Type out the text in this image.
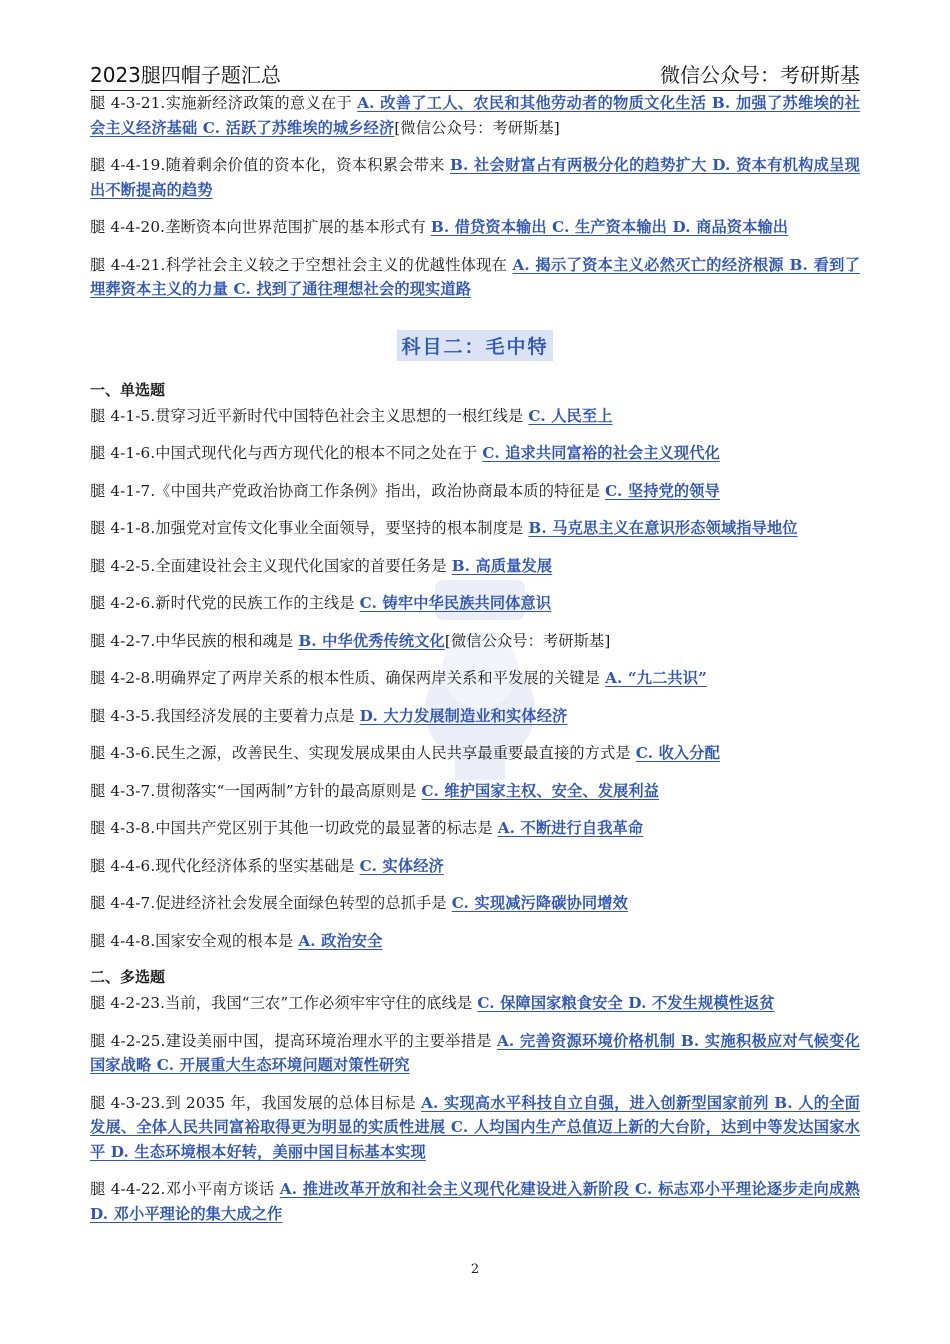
2023腿四帽子题汇总	微信公众号：考研斯基
腿 4-3-21.实施新经济政策的意义在于 A. 改善了工人、农民和其他劳动者的物质文化生活 B. 加强了苏维埃的社会主义经济基础 C. 活跃了苏维埃的城乡经济[微信公众号：考研斯基]
腿 4-4-19.随着剩余价值的资本化，资本积累会带来 B. 社会财富占有两极分化的趋势扩大 D. 资本有机构成呈现出不断提高的趋势
腿 4-4-20.垄断资本向世界范围扩展的基本形式有 B. 借贷资本输出 C. 生产资本输出 D. 商品资本输出
腿 4-4-21.科学社会主义较之于空想社会主义的优越性体现在 A. 揭示了资本主义必然灭亡的经济根源 B. 看到了埋葬资本主义的力量 C. 找到了通往理想社会的现实道路
科目二：毛中特
一、单选题
腿 4-1-5.贯穿习近平新时代中国特色社会主义思想的一根红线是 C. 人民至上
腿 4-1-6.中国式现代化与西方现代化的根本不同之处在于 C. 追求共同富裕的社会主义现代化
腿 4-1-7.《中国共产党政治协商工作条例》指出，政治协商最本质的特征是 C. 坚持党的领导
腿 4-1-8.加强党对宣传文化事业全面领导，要坚持的根本制度是 B. 马克思主义在意识形态领域指导地位
腿 4-2-5.全面建设社会主义现代化国家的首要任务是 B. 高质量发展
腿 4-2-6.新时代党的民族工作的主线是 C. 铸牢中华民族共同体意识
腿 4-2-7.中华民族的根和魂是 B. 中华优秀传统文化[微信公众号：考研斯基]
腿 4-2-8.明确界定了两岸关系的根本性质、确保两岸关系和平发展的关键是 A. “九二共识”
腿 4-3-5.我国经济发展的主要着力点是 D. 大力发展制造业和实体经济
腿 4-3-6.民生之源，改善民生、实现发展成果由人民共享最重要最直接的方式是 C. 收入分配
腿 4-3-7.贯彻落实“一国两制”方针的最高原则是 C. 维护国家主权、安全、发展利益
腿 4-3-8.中国共产党区别于其他一切政党的最显著的标志是 A. 不断进行自我革命
腿 4-4-6.现代化经济体系的坚实基础是 C. 实体经济
腿 4-4-7.促进经济社会发展全面绿色转型的总抓手是 C. 实现减污降碳协同增效
腿 4-4-8.国家安全观的根本是 A. 政治安全
二、多选题
腿 4-2-23.当前，我国“三农”工作必须牢牢守住的底线是 C. 保障国家粮食安全 D. 不发生规模性返贫
腿 4-2-25.建设美丽中国，提高环境治理水平的主要举措是 A. 完善资源环境价格机制 B. 实施积极应对气候变化国家战略 C. 开展重大生态环境问题对策性研究
腿 4-3-23.到 2035 年，我国发展的总体目标是 A. 实现高水平科技自立自强，进入创新型国家前列 B. 人的全面发展、全体人民共同富裕取得更为明显的实质性进展 C. 人均国内生产总值迈上新的大台阶，达到中等发达国家水平 D. 生态环境根本好转，美丽中国目标基本实现
腿 4-4-22.邓小平南方谈话 A. 推进改革开放和社会主义现代化建设进入新阶段 C. 标志邓小平理论逐步走向成熟 D. 邓小平理论的集大成之作
2
